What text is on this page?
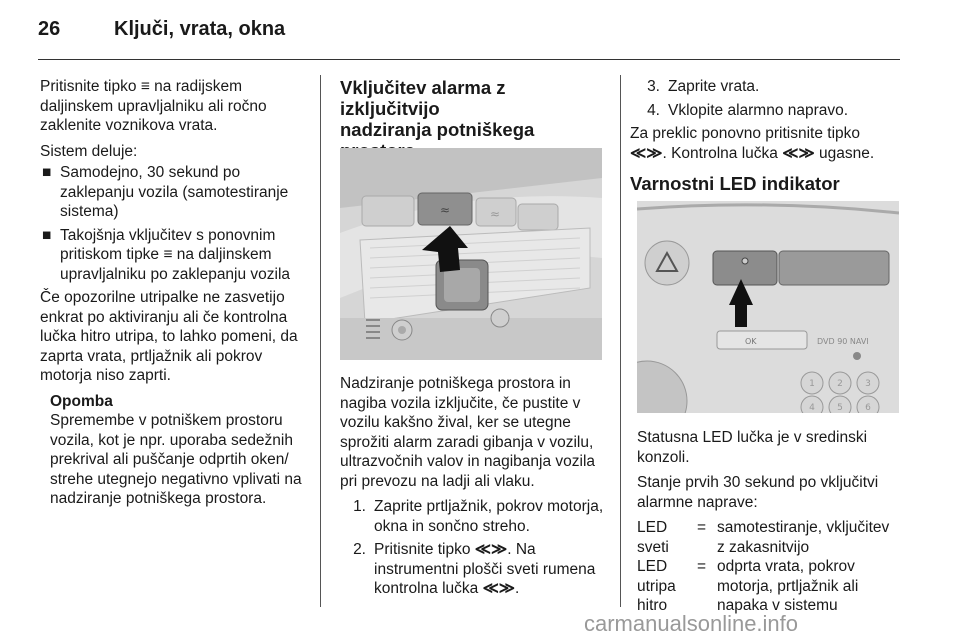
26	Ključi, vrata, okna

Pritisnite tipko ≡ na radijskem
daljinskem upravljalniku ali ročno
zaklenite voznikova vrata.

Sistem deluje:

■ Samodejno, 30 sekund po
zaklepanju vozila (samotestiranje
sistema)
■ Takojšnja vključitev s ponovnim
pritiskom tipke ≡ na daljinskem
upravljalniku po zaklepanju vozila

Če opozorilne utripalke ne zasvetijo
enkrat po aktiviranju ali če kontrolna
lučka hitro utripa, to lahko pomeni, da
zaprta vrata, prtljažnik ali pokrov
motorja niso zaprti.

Opomba
Spremembe v potniškem prostoru
vozila, kot je npr. uporaba sedežnih
prekrival ali puščanje odprtih oken/
strehe utegnejo negativno vplivati na
nadziranje potniškega prostora.
Vključitev alarma z izključitvijo
nadziranja potniškega

≈	≈

Nadziranje potniškega prostora in
nagiba vozila izključite, če pustite v
vozilu kakšno žival, ker se utegne
sprožiti alarm zaradi gibanja v vozilu,
ultrazvočnih valov in nagibanja vozila
pri prevozu na ladji ali vlaku.

1. Zaprite prtljažnik, pokrov motorja,
okna in sončno streho.
2. Pritisnite tipko ≪≫. Na
instrumentni plošči sveti rumena
kontrolna lučka ≪≫.
3. Zaprite vrata.
4. Vklopite alarmno napravo.

Za preklic ponovno pritisnite tipko
≪≫. Kontrolna lučka ≪≫ ugasne.

Varnostni LED indikator
OK	DVD 90 NAVI
1 2 3
4 5 6

Statusna LED lučka je v sredinski
konzoli.

Stanje prvih 30 sekund po vključitvi
alarmne naprave:

LED
sveti
= samotestiranje, vključitev
z zakasnitvijo
LED
utripa
hitro
= odprta vrata, pokrov
motorja, prtljažnik ali
napaka v sistemu
carmanualsonline.info
